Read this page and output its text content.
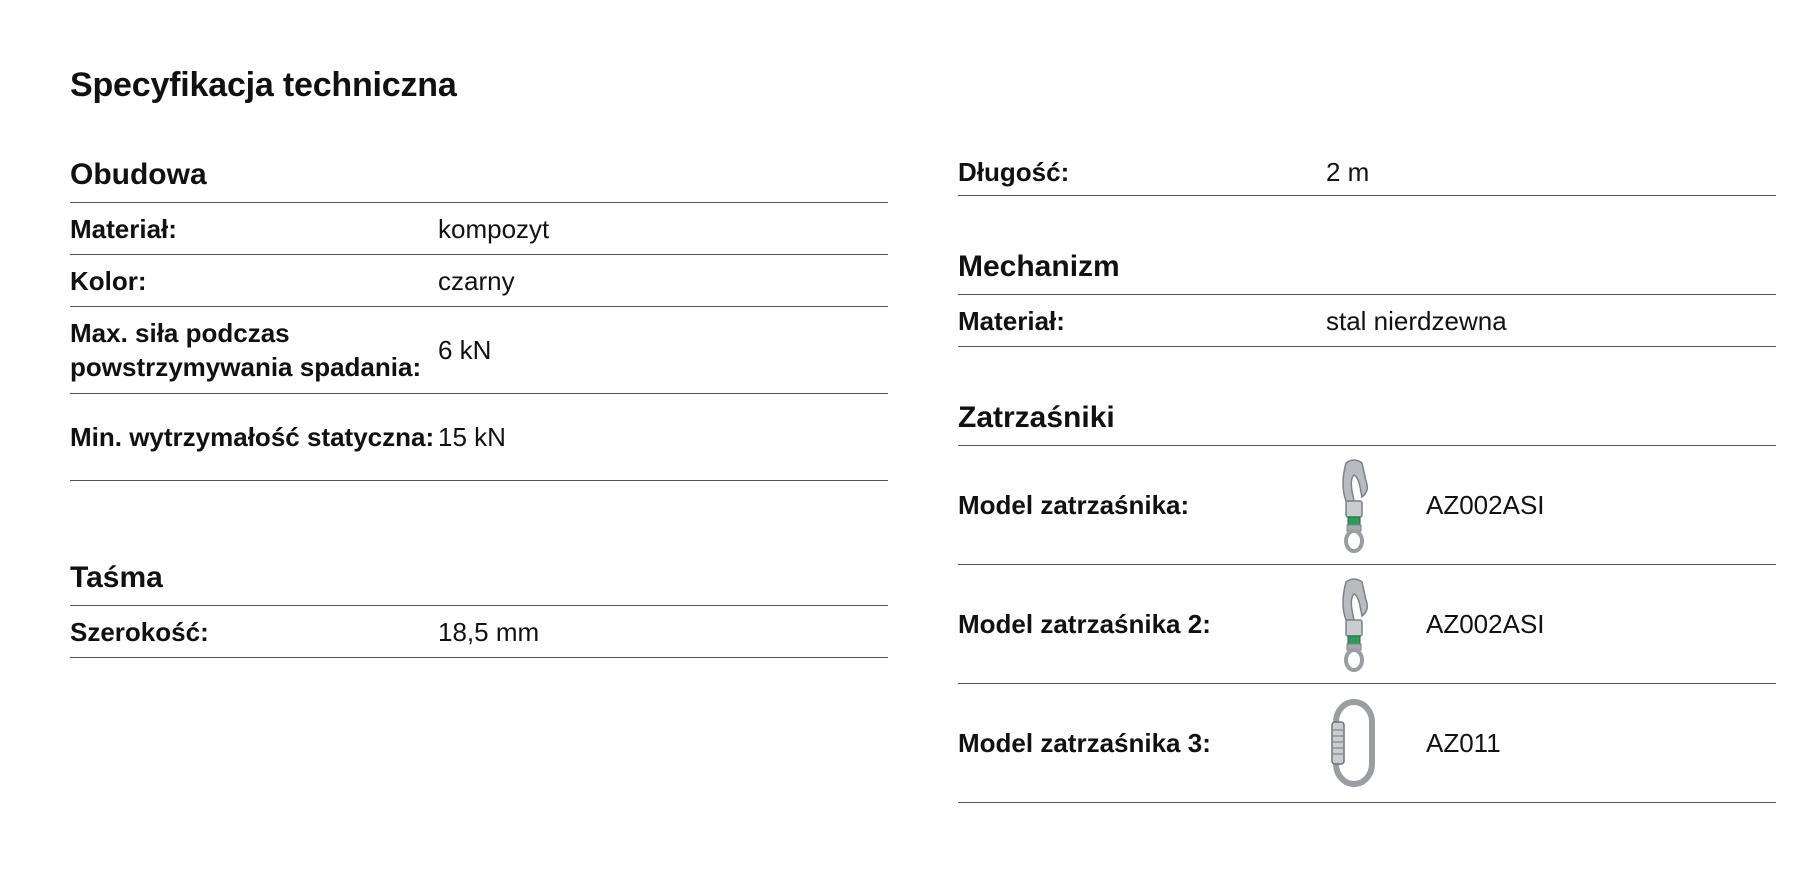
Specyfikacja techniczna
Obudowa
Materiał:	kompozyt
Kolor:	czarny
Max. siła podczas powstrzymywania spadania:
6 kN
Min. wytrzymałość statyczna: 15 kN
Taśma
Szerokość:	18,5 mm
Długość:	2 m
Mechanizm
Materiał:	stal nierdzewna
Zatrzaśniki
Model zatrzaśnika:	AZ002ASI
Model zatrzaśnika 2:	AZ002ASI
Model zatrzaśnika 3:	AZ011
